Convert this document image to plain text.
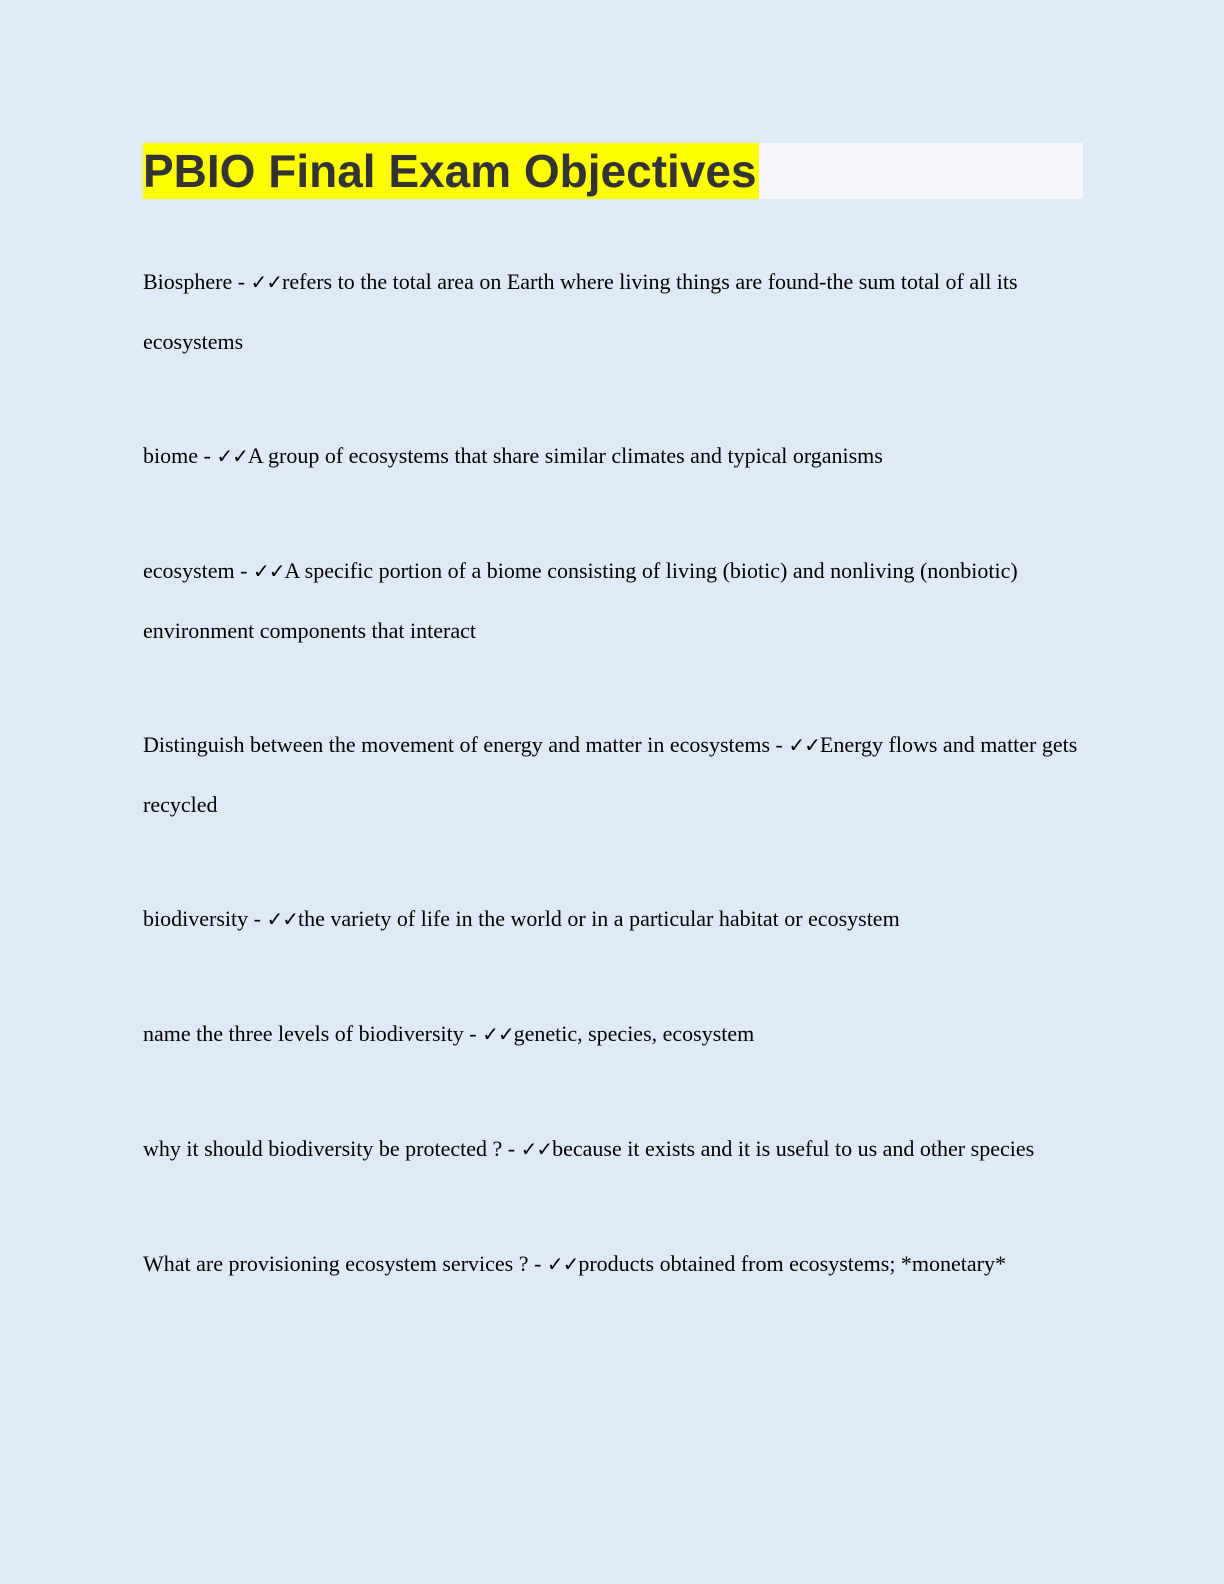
PBIO Final Exam Objectives

Biosphere - ✓✓refers to the total area on Earth where living things are found-the sum total of all its ecosystems

biome - ✓✓A group of ecosystems that share similar climates and typical organisms

ecosystem - ✓✓A specific portion of a biome consisting of living (biotic) and nonliving (nonbiotic) environment components that interact

Distinguish between the movement of energy and matter in ecosystems - ✓✓Energy flows and matter gets recycled

biodiversity - ✓✓the variety of life in the world or in a particular habitat or ecosystem

name the three levels of biodiversity - ✓✓genetic, species, ecosystem

why it should biodiversity be protected ? - ✓✓because it exists and it is useful to us and other species

What are provisioning ecosystem services ? - ✓✓products obtained from ecosystems; *monetary*
